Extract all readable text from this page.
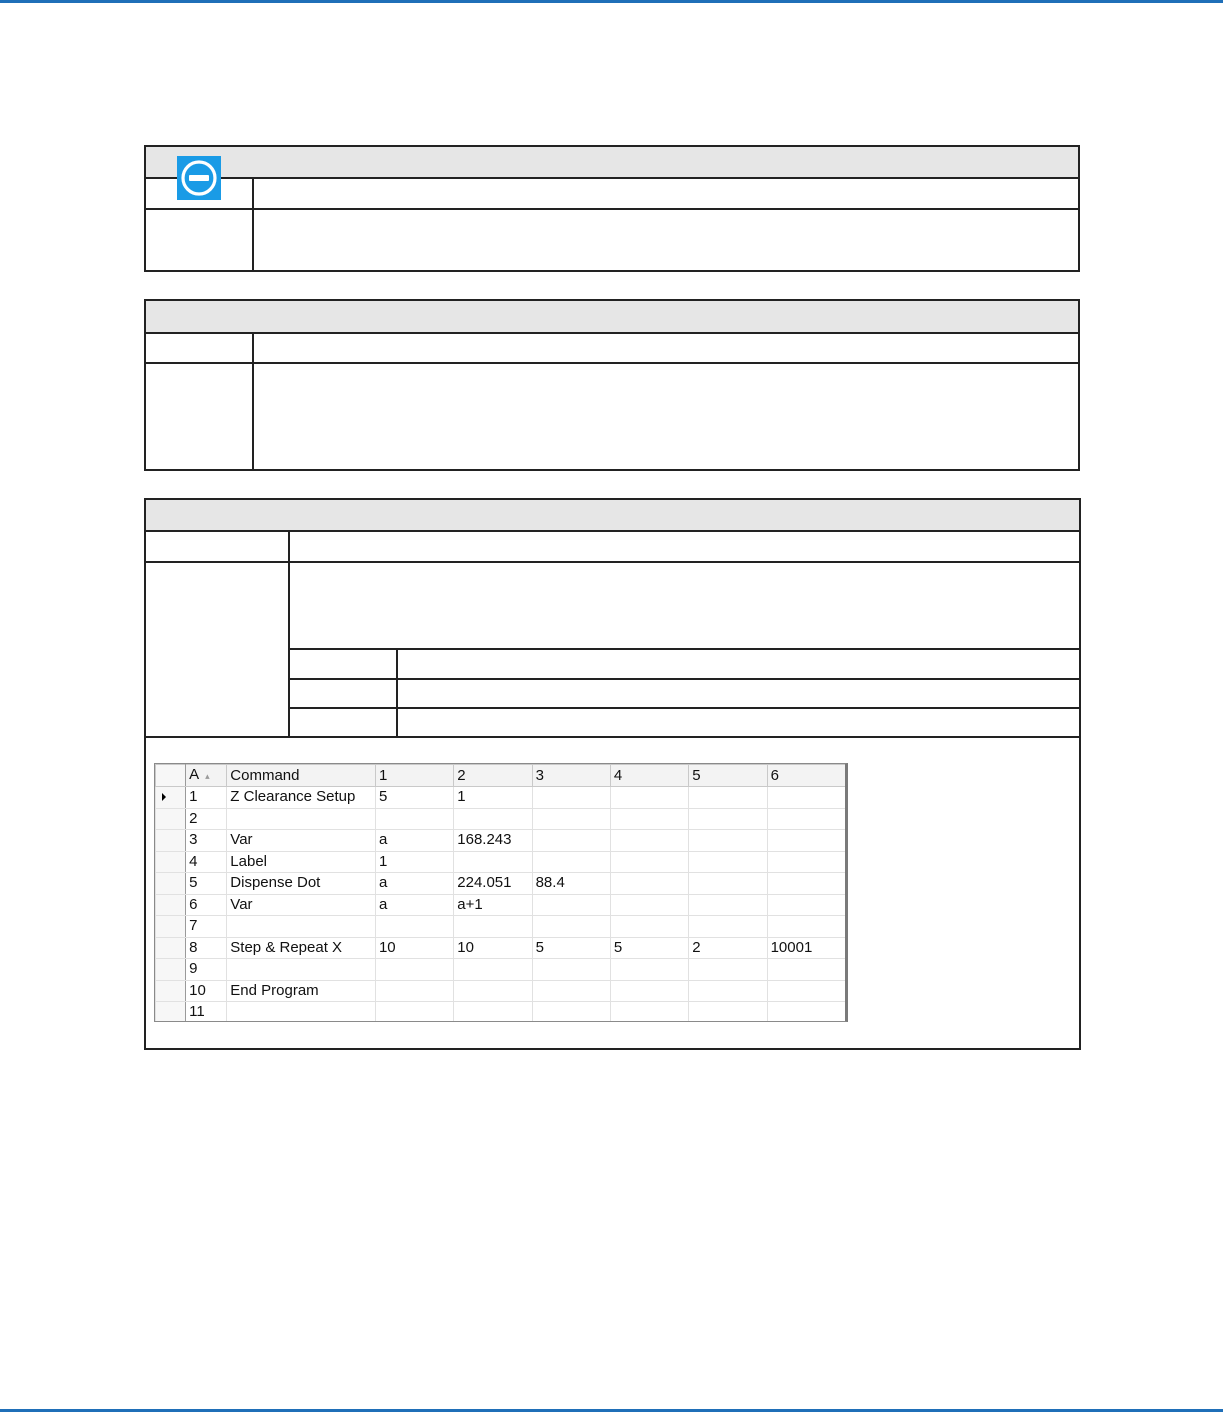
	A ▴	Command	1	2	3	4	5	6

	1	Z Clearance Setup	5	1				
	2							
	3	Var	a	168.243				
	4	Label	1					
	5	Dispense Dot	a	224.051	88.4			
	6	Var	a	a+1				
	7							
	8	Step & Repeat X	10	10	5	5	2	10001
	9							
	10	End Program						
	11							
